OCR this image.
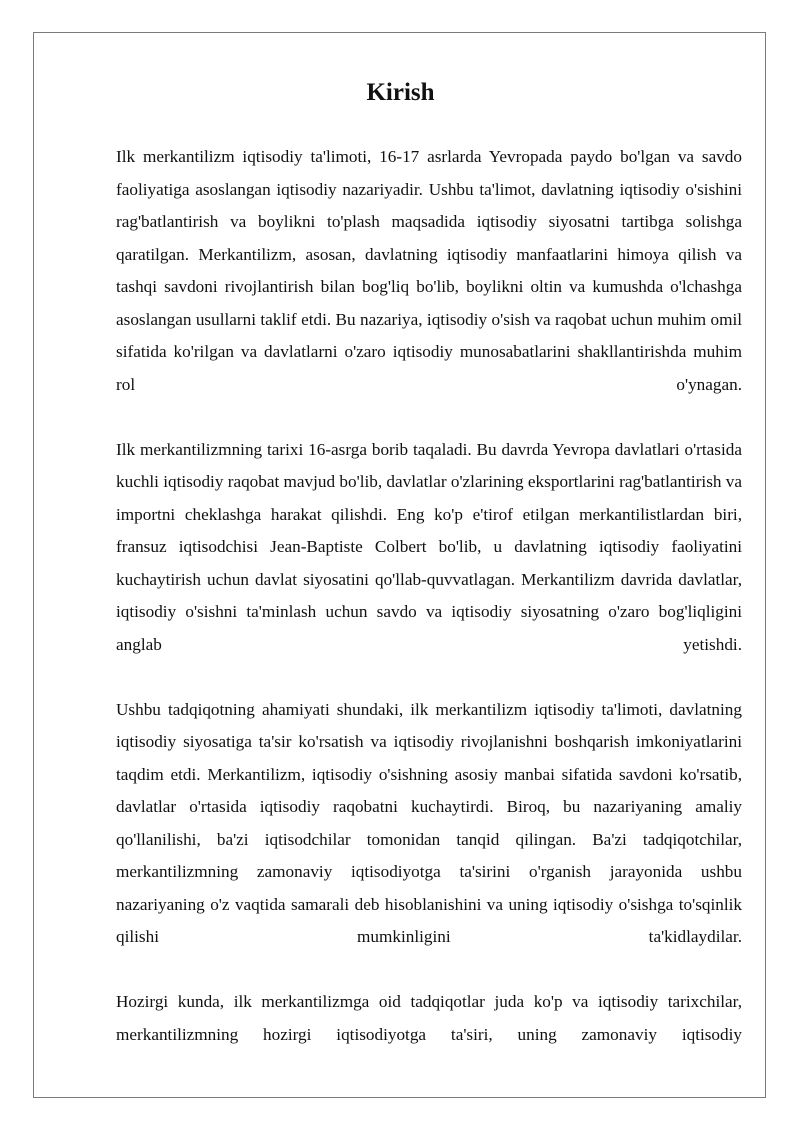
Kirish

Ilk merkantilizm iqtisodiy ta'limoti, 16-17 asrlarda Yevropada paydo bo'lgan va savdo faoliyatiga asoslangan iqtisodiy nazariyadir. Ushbu ta'limot, davlatning iqtisodiy o'sishini rag'batlantirish va boylikni to'plash maqsadida iqtisodiy siyosatni tartibga solishga qaratilgan. Merkantilizm, asosan, davlatning iqtisodiy manfaatlarini himoya qilish va tashqi savdoni rivojlantirish bilan bog'liq bo'lib, boylikni oltin va kumushda o'lchashga asoslangan usullarni taklif etdi. Bu nazariya, iqtisodiy o'sish va raqobat uchun muhim omil sifatida ko'rilgan va davlatlarni o'zaro iqtisodiy munosabatlarini shakllantirishda muhim rol o'ynagan.

Ilk merkantilizmning tarixi 16-asrga borib taqaladi. Bu davrda Yevropa davlatlari o'rtasida kuchli iqtisodiy raqobat mavjud bo'lib, davlatlar o'zlarining eksportlarini rag'batlantirish va importni cheklashga harakat qilishdi. Eng ko'p e'tirof etilgan merkantilistlardan biri, fransuz iqtisodchisi Jean-Baptiste Colbert bo'lib, u davlatning iqtisodiy faoliyatini kuchaytirish uchun davlat siyosatini qo'llab-quvvatlagan. Merkantilizm davrida davlatlar, iqtisodiy o'sishni ta'minlash uchun savdo va iqtisodiy siyosatning o'zaro bog'liqligini anglab yetishdi.

Ushbu tadqiqotning ahamiyati shundaki, ilk merkantilizm iqtisodiy ta'limoti, davlatning iqtisodiy siyosatiga ta'sir ko'rsatish va iqtisodiy rivojlanishni boshqarish imkoniyatlarini taqdim etdi. Merkantilizm, iqtisodiy o'sishning asosiy manbai sifatida savdoni ko'rsatib, davlatlar o'rtasida iqtisodiy raqobatni kuchaytirdi. Biroq, bu nazariyaning amaliy qo'llanilishi, ba'zi iqtisodchilar tomonidan tanqid qilingan. Ba'zi tadqiqotchilar, merkantilizmning zamonaviy iqtisodiyotga ta'sirini o'rganish jarayonida ushbu nazariyaning o'z vaqtida samarali deb hisoblanishini va uning iqtisodiy o'sishga to'sqinlik qilishi mumkinligini ta'kidlaydilar.

Hozirgi kunda, ilk merkantilizmga oid tadqiqotlar juda ko'p va iqtisodiy tarixchilar, merkantilizmning hozirgi iqtisodiyotga ta'siri, uning zamonaviy iqtisodiy
